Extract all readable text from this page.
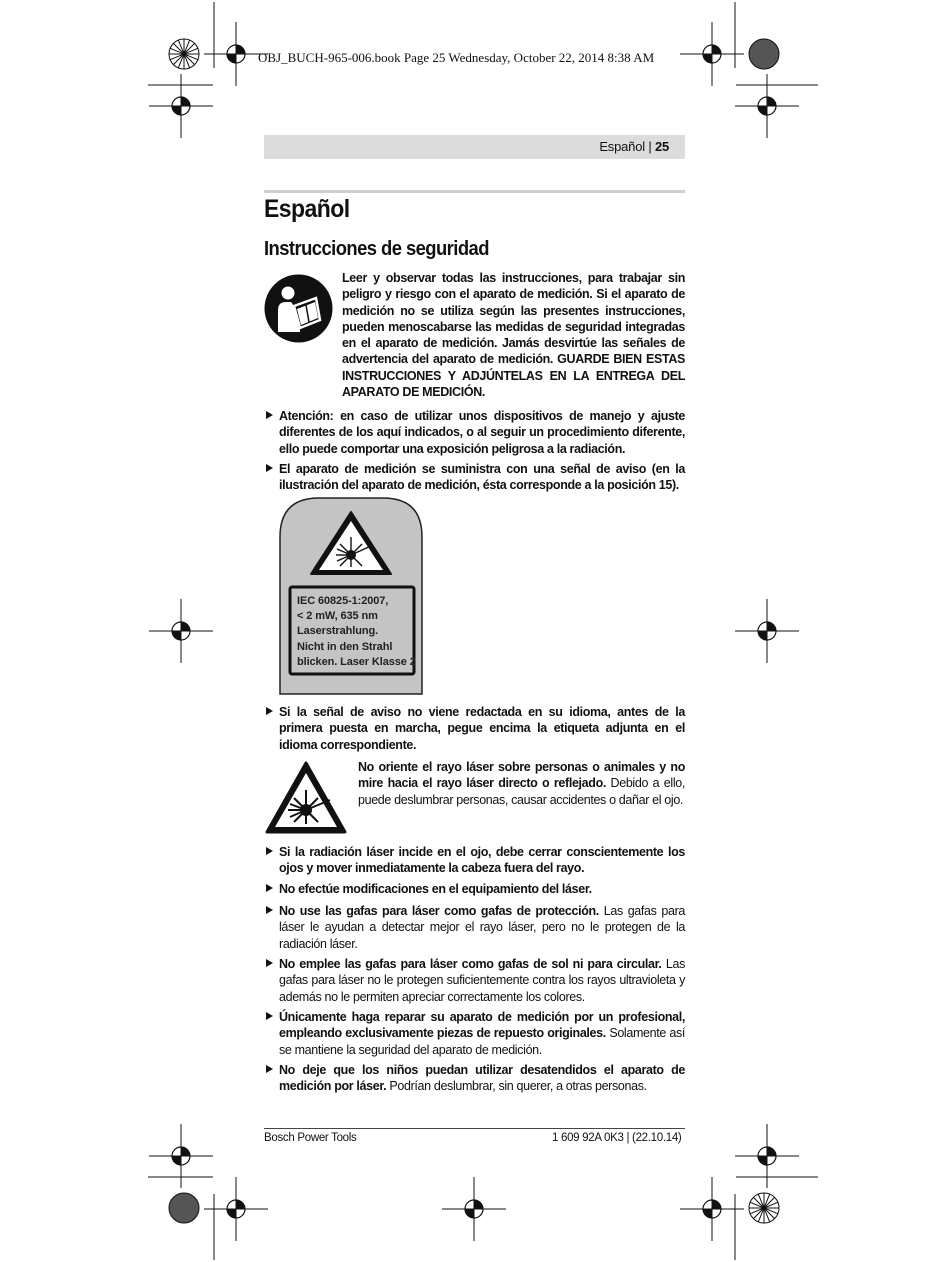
OBJ_BUCH-965-006.book Page 25 Wednesday, October 22, 2014 8:38 AM
Español | 25
Español
Instrucciones de seguridad
Leer y observar todas las instrucciones, para trabajar sin peligro y riesgo con el aparato de medición. Si el aparato de medición no se utiliza según las presentes instrucciones, pueden menoscabarse las medidas de seguridad integradas en el aparato de medición. Jamás desvirtúe las señales de advertencia del aparato de medición. GUARDE BIEN ESTAS INSTRUCCIONES Y ADJÚNTELAS EN LA ENTREGA DEL APARATO DE MEDICIÓN.
Atención: en caso de utilizar unos dispositivos de manejo y ajuste diferentes de los aquí indicados, o al seguir un procedimiento diferente, ello puede comportar una exposición peligrosa a la radiación.
El aparato de medición se suministra con una señal de aviso (en la ilustración del aparato de medición, ésta corresponde a la posición 15).
IEC 60825-1:2007,
< 2 mW, 635 nm
Laserstrahlung.
Nicht in den Strahl
blicken. Laser Klasse 2
Si la señal de aviso no viene redactada en su idioma, antes de la primera puesta en marcha, pegue encima la etiqueta adjunta en el idioma correspondiente.
No oriente el rayo láser sobre personas o animales y no mire hacia el rayo láser directo o reflejado. Debido a ello, puede deslumbrar personas, causar accidentes o dañar el ojo.
Si la radiación láser incide en el ojo, debe cerrar conscientemente los ojos y mover inmediatamente la cabeza fuera del rayo.
No efectúe modificaciones en el equipamiento del láser.
No use las gafas para láser como gafas de protección. Las gafas para láser le ayudan a detectar mejor el rayo láser, pero no le protegen de la radiación láser.
No emplee las gafas para láser como gafas de sol ni para circular. Las gafas para láser no le protegen suficientemente contra los rayos ultravioleta y además no le permiten apreciar correctamente los colores.
Únicamente haga reparar su aparato de medición por un profesional, empleando exclusivamente piezas de repuesto originales. Solamente así se mantiene la seguridad del aparato de medición.
No deje que los niños puedan utilizar desatendidos el aparato de medición por láser. Podrían deslumbrar, sin querer, a otras personas.
Bosch Power Tools	1 609 92A 0K3 | (22.10.14)
